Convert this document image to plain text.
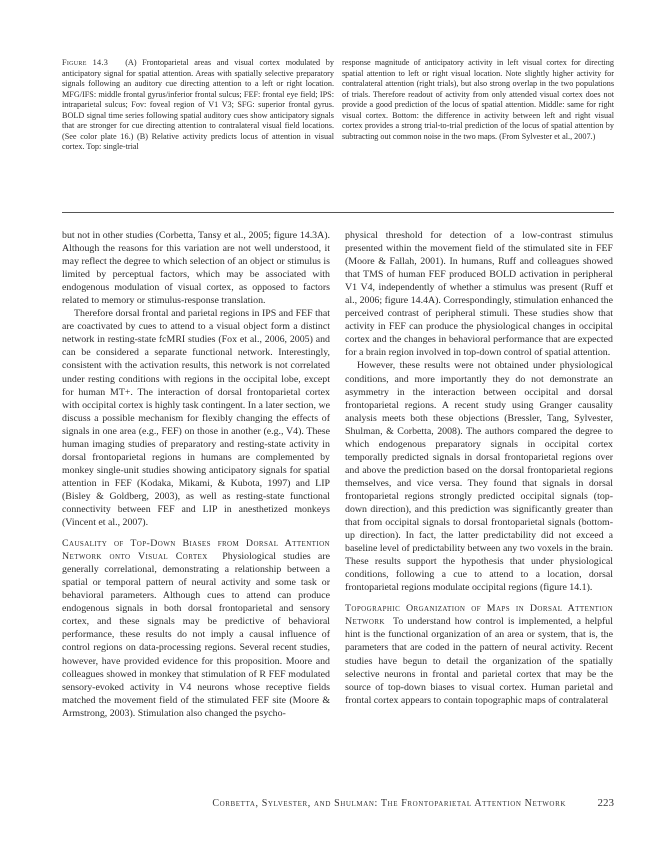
Figure 14.3 (A) Frontoparietal areas and visual cortex modulated by anticipatory signal for spatial attention. Areas with spatially selective preparatory signals following an auditory cue directing attention to a left or right location. MFG/IFS: middle frontal gyrus/inferior frontal sulcus; FEF: frontal eye field; IPS: intraparietal sulcus; Fov: foveal region of V1 V3; SFG: superior frontal gyrus. BOLD signal time series following spatial auditory cues show anticipatory signals that are stronger for cue directing attention to contralateral visual field locations. (See color plate 16.) (B) Relative activity predicts locus of attention in visual cortex. Top: single-trial
response magnitude of anticipatory activity in left visual cortex for directing spatial attention to left or right visual location. Note slightly higher activity for contralateral attention (right trials), but also strong overlap in the two populations of trials. Therefore readout of activity from only attended visual cortex does not provide a good prediction of the locus of spatial attention. Middle: same for right visual cortex. Bottom: the difference in activity between left and right visual cortex provides a strong trial-to-trial prediction of the locus of spatial attention by subtracting out common noise in the two maps. (From Sylvester et al., 2007.)

but not in other studies (Corbetta, Tansy et al., 2005; figure 14.3A). Although the reasons for this variation are not well understood, it may reflect the degree to which selection of an object or stimulus is limited by perceptual factors, which may be associated with endogenous modulation of visual cortex, as opposed to factors related to memory or stimulus-response translation.

Therefore dorsal frontal and parietal regions in IPS and FEF that are coactivated by cues to attend to a visual object form a distinct network in resting-state fcMRI studies (Fox et al., 2006, 2005) and can be considered a separate functional network. Interestingly, consistent with the activation results, this network is not correlated under resting conditions with regions in the occipital lobe, except for human MT+. The interaction of dorsal frontoparietal cortex with occipital cortex is highly task contingent. In a later section, we discuss a possible mechanism for flexibly changing the effects of signals in one area (e.g., FEF) on those in another (e.g., V4). These human imaging studies of preparatory and resting-state activity in dorsal frontoparietal regions in humans are complemented by monkey single-unit studies showing anticipatory signals for spatial attention in FEF (Kodaka, Mikami, & Kubota, 1997) and LIP (Bisley & Goldberg, 2003), as well as resting-state functional connectivity between FEF and LIP in anesthetized monkeys (Vincent et al., 2007).

Causality of Top-Down Biases from Dorsal Attention Network onto Visual Cortex Physiological studies are generally correlational, demonstrating a relationship between a spatial or temporal pattern of neural activity and some task or behavioral parameters. Although cues to attend can produce endogenous signals in both dorsal frontoparietal and sensory cortex, and these signals may be predictive of behavioral performance, these results do not imply a causal influence of control regions on data-processing regions. Several recent studies, however, have provided evidence for this proposition. Moore and colleagues showed in monkey that stimulation of R FEF modulated sensory-evoked activity in V4 neurons whose receptive fields matched the movement field of the stimulated FEF site (Moore & Armstrong, 2003). Stimulation also changed the psycho-

physical threshold for detection of a low-contrast stimulus presented within the movement field of the stimulated site in FEF (Moore & Fallah, 2001). In humans, Ruff and colleagues showed that TMS of human FEF produced BOLD activation in peripheral V1 V4, independently of whether a stimulus was present (Ruff et al., 2006; figure 14.4A). Correspondingly, stimulation enhanced the perceived contrast of peripheral stimuli. These studies show that activity in FEF can produce the physiological changes in occipital cortex and the changes in behavioral performance that are expected for a brain region involved in top-down control of spatial attention.

However, these results were not obtained under physiological conditions, and more importantly they do not demonstrate an asymmetry in the interaction between occipital and dorsal frontoparietal regions. A recent study using Granger causality analysis meets both these objections (Bressler, Tang, Sylvester, Shulman, & Corbetta, 2008). The authors compared the degree to which endogenous preparatory signals in occipital cortex temporally predicted signals in dorsal frontoparietal regions over and above the prediction based on the dorsal frontoparietal regions themselves, and vice versa. They found that signals in dorsal frontoparietal regions strongly predicted occipital signals (top-down direction), and this prediction was significantly greater than that from occipital signals to dorsal frontoparietal signals (bottom-up direction). In fact, the latter predictability did not exceed a baseline level of predictability between any two voxels in the brain. These results support the hypothesis that under physiological conditions, following a cue to attend to a location, dorsal frontoparietal regions modulate occipital regions (figure 14.1).

Topographic Organization of Maps in Dorsal Attention Network To understand how control is implemented, a helpful hint is the functional organization of an area or system, that is, the parameters that are coded in the pattern of neural activity. Recent studies have begun to detail the organization of the spatially selective neurons in frontal and parietal cortex that may be the source of top-down biases to visual cortex. Human parietal and frontal cortex appears to contain topographic maps of contralateral

Corbetta, Sylvester, and Shulman: The Frontoparietal Attention Network	223
